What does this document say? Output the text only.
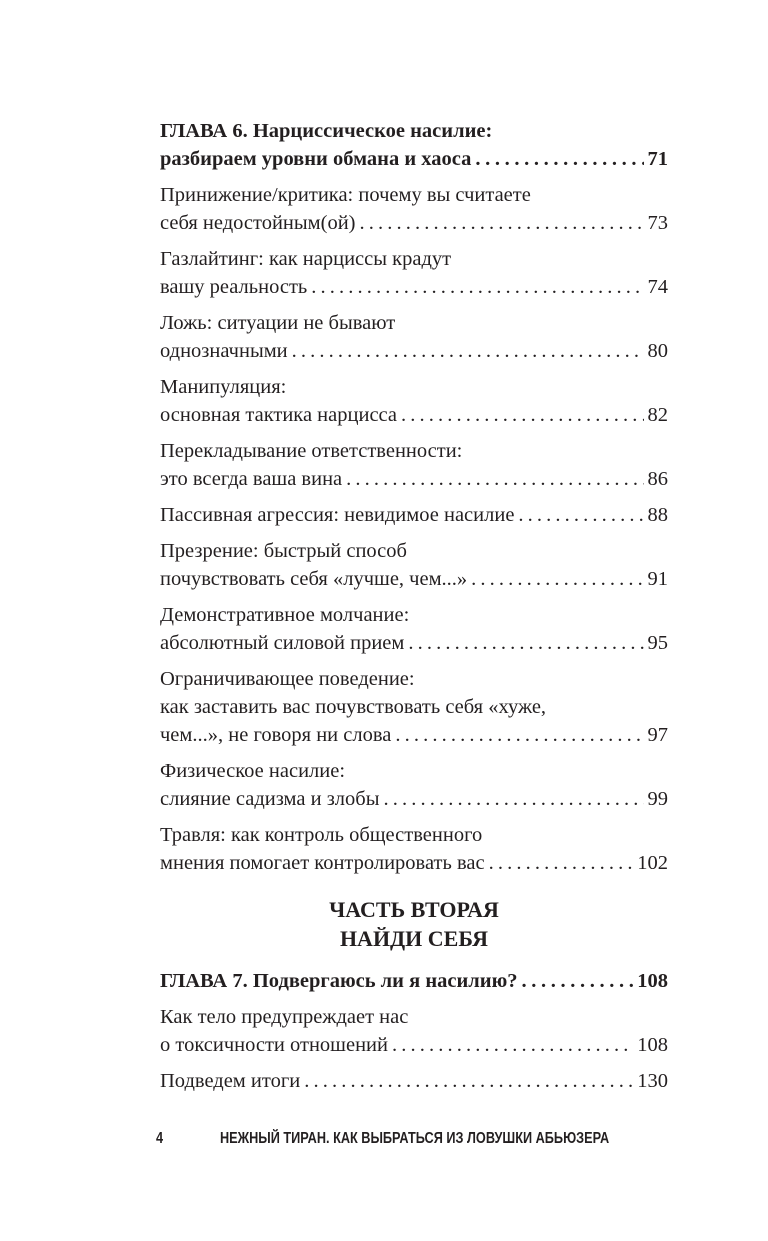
ГЛАВА 6. Нарциссическое насилие:
разбираем уровни обмана и хаоса . . .	71
Принижение/критика: почему вы считаете
себя недостойным(ой) . . .	73
Газлайтинг: как нарциссы крадут
вашу реальность . . .	74
Ложь: ситуации не бывают
однозначными . . .	80
Манипуляция:
основная тактика нарцисса . . .	82
Перекладывание ответственности:
это всегда ваша вина . . .	86
Пассивная агрессия: невидимое насилие . . .	88
Презрение: быстрый способ
почувствовать себя «лучше, чем...» . . .	91
Демонстративное молчание:
абсолютный силовой прием . . .	95
Ограничивающее поведение:
как заставить вас почувствовать себя «хуже,
чем...», не говоря ни слова . . .	97
Физическое насилие:
слияние садизма и злобы . . .	99
Травля: как контроль общественного
мнения помогает контролировать вас . . .	102
ЧАСТЬ ВТОРАЯ
НАЙДИ СЕБЯ
ГЛАВА 7. Подвергаюсь ли я насилию? . . .	108
Как тело предупреждает нас
о токсичности отношений . . .	108
Подведем итоги . . .	130
4	НЕЖНЫЙ ТИРАН. КАК ВЫБРАТЬСЯ ИЗ ЛОВУШКИ АБЬЮЗЕРА
